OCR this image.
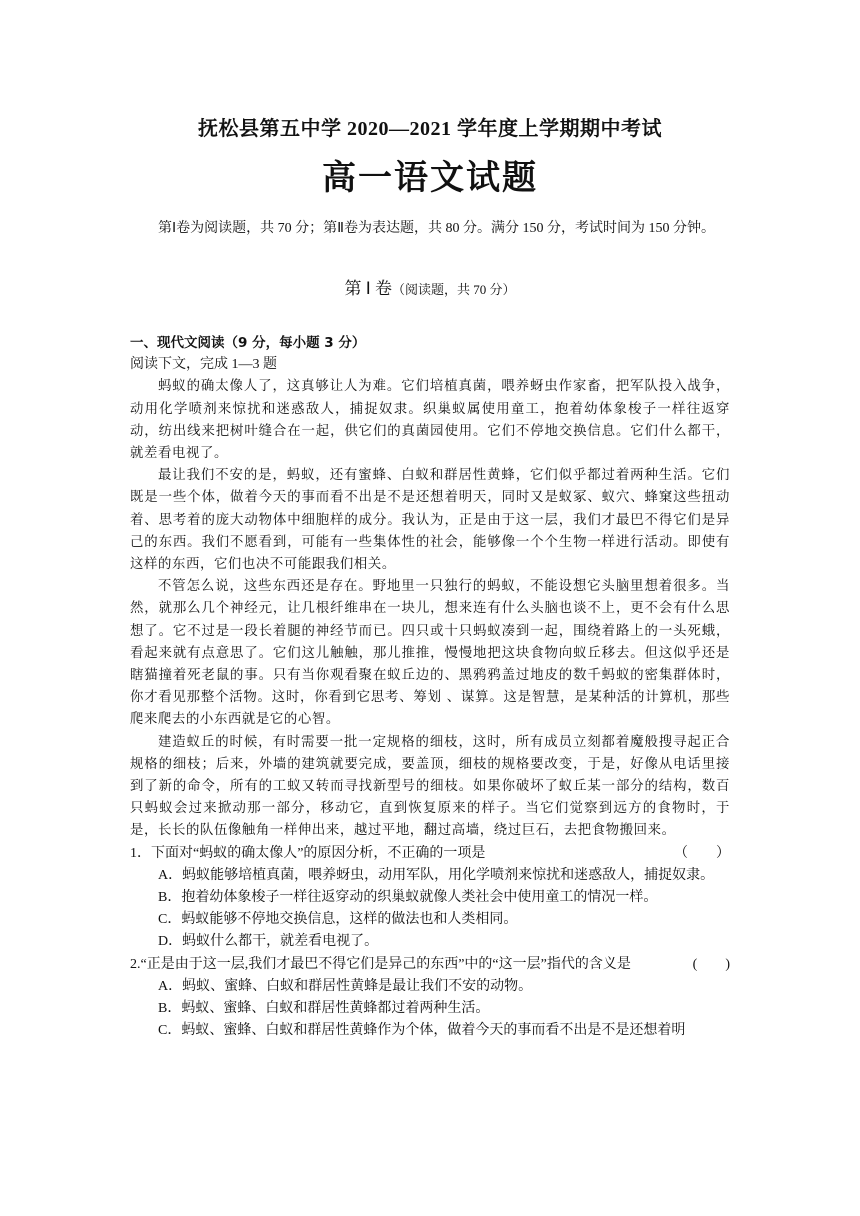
抚松县第五中学 2020—2021 学年度上学期期中考试
高一语文试题
第Ⅰ卷为阅读题，共 70 分；第Ⅱ卷为表达题，共 80 分。满分 150 分，考试时间为 150 分钟。
第 Ⅰ 卷（阅读题，共 70 分）

一、现代文阅读（9 分，每小题 3 分）

阅读下文，完成 1—3 题

蚂蚁的确太像人了，这真够让人为难。它们培植真菌，喂养蚜虫作家畜，把军队投入战争，动用化学喷剂来惊扰和迷惑敌人，捕捉奴隶。织巢蚁属使用童工，抱着幼体象梭子一样往返穿动，纺出线来把树叶缝合在一起，供它们的真菌园使用。它们不停地交换信息。它们什么都干，就差看电视了。

最让我们不安的是，蚂蚁，还有蜜蜂、白蚁和群居性黄蜂，它们似乎都过着两种生活。它们既是一些个体，做着今天的事而看不出是不是还想着明天，同时又是蚁冢、蚁穴、蜂窠这些扭动着、思考着的庞大动物体中细胞样的成分。我认为，正是由于这一层，我们才最巴不得它们是异己的东西。我们不愿看到，可能有一些集体性的社会，能够像一个个生物一样进行活动。即使有这样的东西，它们也决不可能跟我们相关。

不管怎么说，这些东西还是存在。野地里一只独行的蚂蚁，不能设想它头脑里想着很多。当然，就那么几个神经元，让几根纤维串在一块儿，想来连有什么头脑也谈不上，更不会有什么思想了。它不过是一段长着腿的神经节而已。四只或十只蚂蚁凑到一起，围绕着路上的一头死蛾，看起来就有点意思了。它们这儿触触，那儿推推，慢慢地把这块食物向蚁丘移去。但这似乎还是瞎猫撞着死老鼠的事。只有当你观看聚在蚁丘边的、黑鸦鸦盖过地皮的数千蚂蚁的密集群体时，你才看见那整个活物。这时，你看到它思考、筹划 、谋算。这是智慧，是某种活的计算机，那些爬来爬去的小东西就是它的心智。

建造蚁丘的时候，有时需要一批一定规格的细枝，这时，所有成员立刻都着魔般搜寻起正合规格的细枝；后来，外墙的建筑就要完成，要盖顶，细枝的规格要改变，于是，好像从电话里接到了新的命令，所有的工蚁又转而寻找新型号的细枝。如果你破坏了蚁丘某一部分的结构，数百只蚂蚁会过来掀动那一部分，移动它，直到恢复原来的样子。当它们觉察到远方的食物时，于是，长长的队伍像触角一样伸出来，越过平地，翻过高墙，绕过巨石，去把食物搬回来。

1．下面对“蚂蚁的确太像人”的原因分析，不正确的一项是	（　　）

A．蚂蚁能够培植真菌，喂养蚜虫，动用军队，用化学喷剂来惊扰和迷惑敌人，捕捉奴隶。

B．抱着幼体象梭子一样往返穿动的织巢蚁就像人类社会中使用童工的情况一样。

C．蚂蚁能够不停地交换信息，这样的做法也和人类相同。

D．蚂蚁什么都干，就差看电视了。

2.“正是由于这一层,我们才最巴不得它们是异己的东西”中的“这一层”指代的含义是	(　　)

A．蚂蚁、蜜蜂、白蚁和群居性黄蜂是最让我们不安的动物。

B．蚂蚁、蜜蜂、白蚁和群居性黄蜂都过着两种生活。

C．蚂蚁、蜜蜂、白蚁和群居性黄蜂作为个体，做着今天的事而看不出是不是还想着明
